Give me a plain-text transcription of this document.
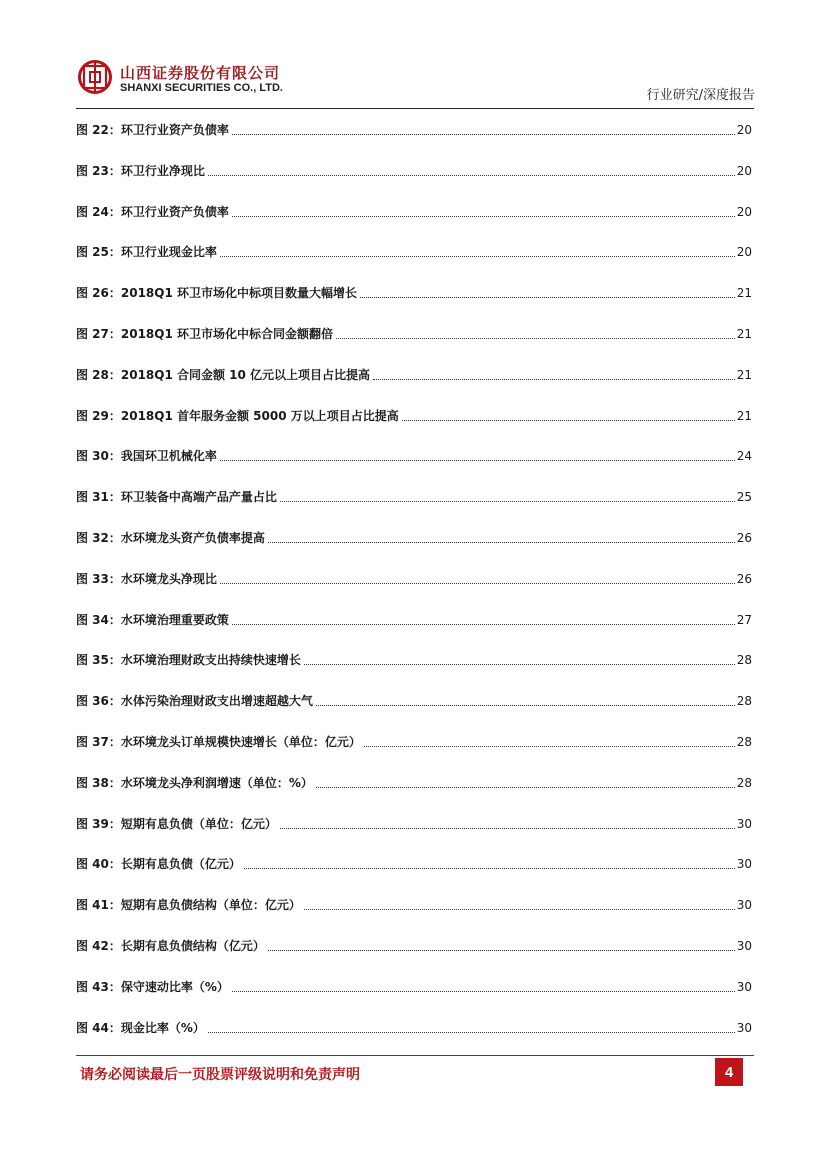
山西证券股份有限公司
SHANXI SECURITIES CO., LTD.	行业研究/深度报告
图 22：环卫行业资产负债率	20
图 23：环卫行业净现比	20
图 24：环卫行业资产负债率	20
图 25：环卫行业现金比率	20
图 26：2018Q1 环卫市场化中标项目数量大幅增长	21
图 27：2018Q1 环卫市场化中标合同金额翻倍	21
图 28：2018Q1 合同金额 10 亿元以上项目占比提高	21
图 29：2018Q1 首年服务金额 5000 万以上项目占比提高	21
图 30：我国环卫机械化率	24
图 31：环卫装备中高端产品产量占比	25
图 32：水环境龙头资产负债率提高	26
图 33：水环境龙头净现比	26
图 34：水环境治理重要政策	27
图 35：水环境治理财政支出持续快速增长	28
图 36：水体污染治理财政支出增速超越大气	28
图 37：水环境龙头订单规模快速增长（单位：亿元）	28
图 38：水环境龙头净利润增速（单位：%）	28
图 39：短期有息负债（单位：亿元）	30
图 40：长期有息负债（亿元）	30
图 41：短期有息负债结构（单位：亿元）	30
图 42：长期有息负债结构（亿元）	30
图 43：保守速动比率（%）	30
图 44：现金比率（%）	30
请务必阅读最后一页股票评级说明和免责声明	4
